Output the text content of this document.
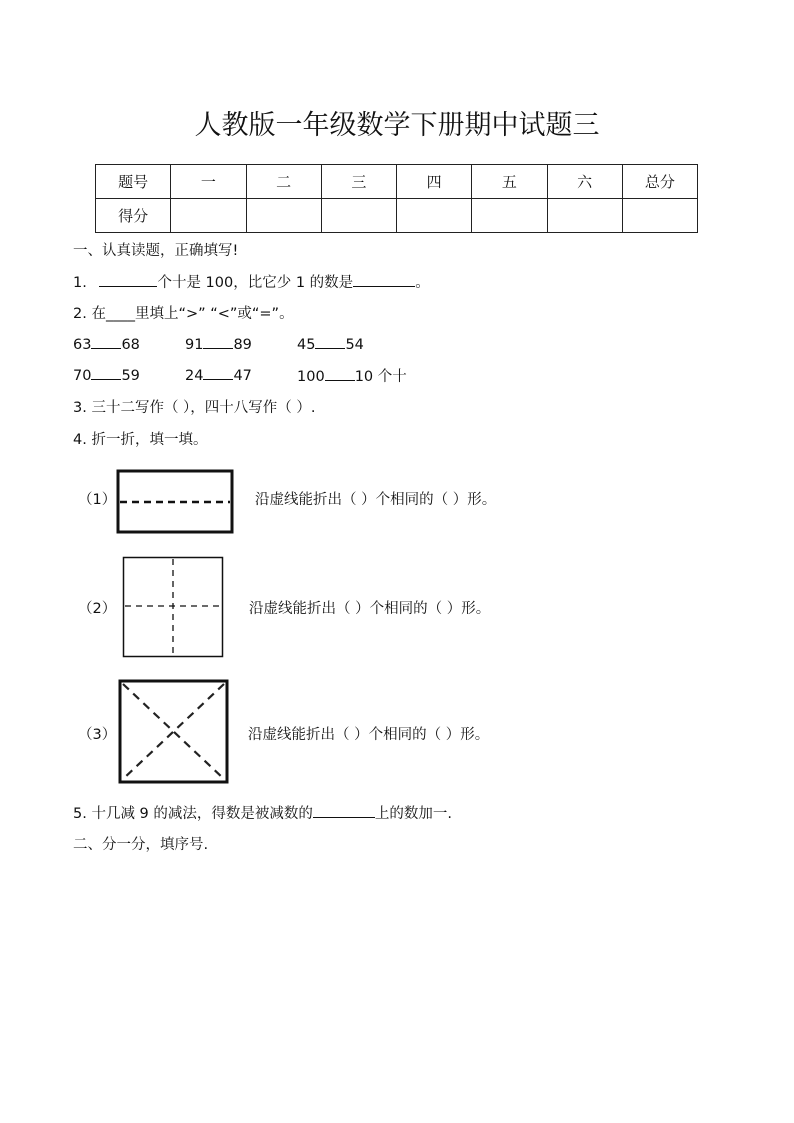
人教版一年级数学下册期中试题三
题号	一	二	三	四	五	六	总分
得分							
一、认真读题，正确填写!
1.	个十是 100，比它少 1 的数是	。
2. 在____里填上“>” “<”或“=”。
63 68	91 89	45 54
70 59	24 47	100 10 个十
3. 三十二写作（ ），四十八写作（ ）.
4. 折一折，填一填。
（1）	沿虚线能折出（ ）个相同的（ ）形。
（2）	沿虚线能折出（ ）个相同的（ ）形。
（3）	沿虚线能折出（ ）个相同的（ ）形。
5. 十几减 9 的减法，得数是被减数的	上的数加一.
二、分一分，填序号.
